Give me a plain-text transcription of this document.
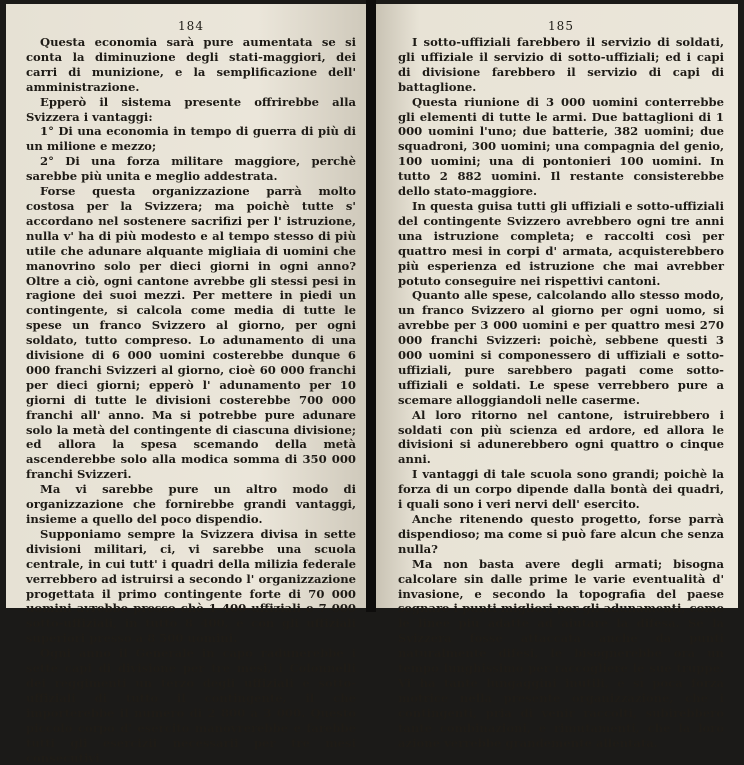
184

Questa economia sarà pure aumentata se si conta la diminuzione degli stati-maggiori, dei carri di munizione, e la semplificazione dell' amministrazione.

Epperò il sistema presente offrirebbe alla Svizzera i vantaggi:

1° Di una economia in tempo di guerra di più di un milione e mezzo;

2° Di una forza militare maggiore, perchè sarebbe più unita e meglio addestrata.

Forse questa organizzazione parrà molto costosa per la Svizzera; ma poichè tutte s' accordano nel sostenere sacrifizi per l' istruzione, nulla v' ha di più modesto e al tempo stesso di più utile che adunare alquante migliaia di uomini che manovrino solo per dieci giorni in ogni anno? Oltre a ciò, ogni cantone avrebbe gli stessi pesi in ragione dei suoi mezzi. Per mettere in piedi un contingente, si calcola come media di tutte le spese un franco Svizzero al giorno, per ogni soldato, tutto compreso. Lo adunamento di una divisione di 6 000 uomini costerebbe dunque 6 000 franchi Svizzeri al giorno, cioè 60 000 franchi per dieci giorni; epperò l' adunamento per 10 giorni di tutte le divisioni costerebbe 700 000 franchi all' anno. Ma si potrebbe pure adunare solo la metà del contingente di ciascuna divisione; ed allora la spesa scemando della metà ascenderebbe solo alla modica somma di 350 000 franchi Svizzeri.

Ma vi sarebbe pure un altro modo di organizzazione che fornirebbe grandi vantaggi, insieme a quello del poco dispendio.

Supponiamo sempre la Svizzera divisa in sette divisioni militari, ci, vi sarebbe una scuola centrale, in cui tutt' i quadri della milizia federale verrebbero ad istruirsi a secondo l' organizzazione progettata il primo contingente forte di 70 000 uomini avrebbe presso chè 1 400 uffiziali e 7 000 sotto-uffiziali, in tutto 8 400, e con gli uffiziali superiori presso a 8 500 uomini.

Ogni anno il Generale in capo radunerebbe i sette capi di divisione per tre mesi, i Colonnelli dei reggimenti un terzo degli uffiziali e sotto-uffiziali di tutto il contingente, il che importerebbe il numero di 2 800 a 3 000. Questo piccolo corpo d' esercito manovrerebbe e farebbe tutti gli esercizii necessarii per tre mesi consecutivi.

185

I sotto-uffiziali farebbero il servizio di soldati, gli uffiziale il servizio di sotto-uffiziali; ed i capi di divisione farebbero il servizio di capi di battaglione.

Questa riunione di 3 000 uomini conterrebbe gli elementi di tutte le armi. Due battaglioni di 1 000 uomini l'uno; due batterie, 382 uomini; due squadroni, 300 uomini; una compagnia del genio, 100 uomini; una di pontonieri 100 uomini. In tutto 2 882 uomini. Il restante consisterebbe dello stato-maggiore.

In questa guisa tutti gli uffiziali e sotto-uffiziali del contingente Svizzero avrebbero ogni tre anni una istruzione completa; e raccolti così per quattro mesi in corpi d' armata, acquisterebbero più esperienza ed istruzione che mai avrebber potuto conseguire nei rispettivi cantoni.

Quanto alle spese, calcolando allo stesso modo, un franco Svizzero al giorno per ogni uomo, si avrebbe per 3 000 uomini e per quattro mesi 270 000 franchi Svizzeri: poichè, sebbene questi 3 000 uomini si componessero di uffiziali e sotto-uffiziali, pure sarebbero pagati come sotto-uffiziali e soldati. Le spese verrebbero pure a scemare alloggiandoli nelle caserme.

Al loro ritorno nel cantone, istruirebbero i soldati con più scienza ed ardore, ed allora le divisioni si adunerebbero ogni quattro o cinque anni.

I vantaggi di tale scuola sono grandi; poichè la forza di un corpo dipende dalla bontà dei quadri, i quali sono i veri nervi dell' esercito.

Anche ritenendo questo progetto, forse parrà dispendioso; ma come si può fare alcun che senza nulla?

Ma non basta avere degli armati; bisogna calcolare sin dalle prime le varie eventualità d' invasione, e secondo la topografia del paese segnare i punti migliori per gli adunamenti, come le linee più adatte ad aiutare la difesa. Se la Svizzera fosse attaccata anche da punti naturalmente difesi, le bisognerebbe ora un tempo lunghissimo per raccogliere le sue truppe. Vi ha tante lungaggini inutili, e sì poca forza motrice nella presente organizzazione, che i contingenti, pria di venir raccolti, subirebbero tante combinazioni, e rimutamenti, che la loro azione verrebbe grandemente allentata.
